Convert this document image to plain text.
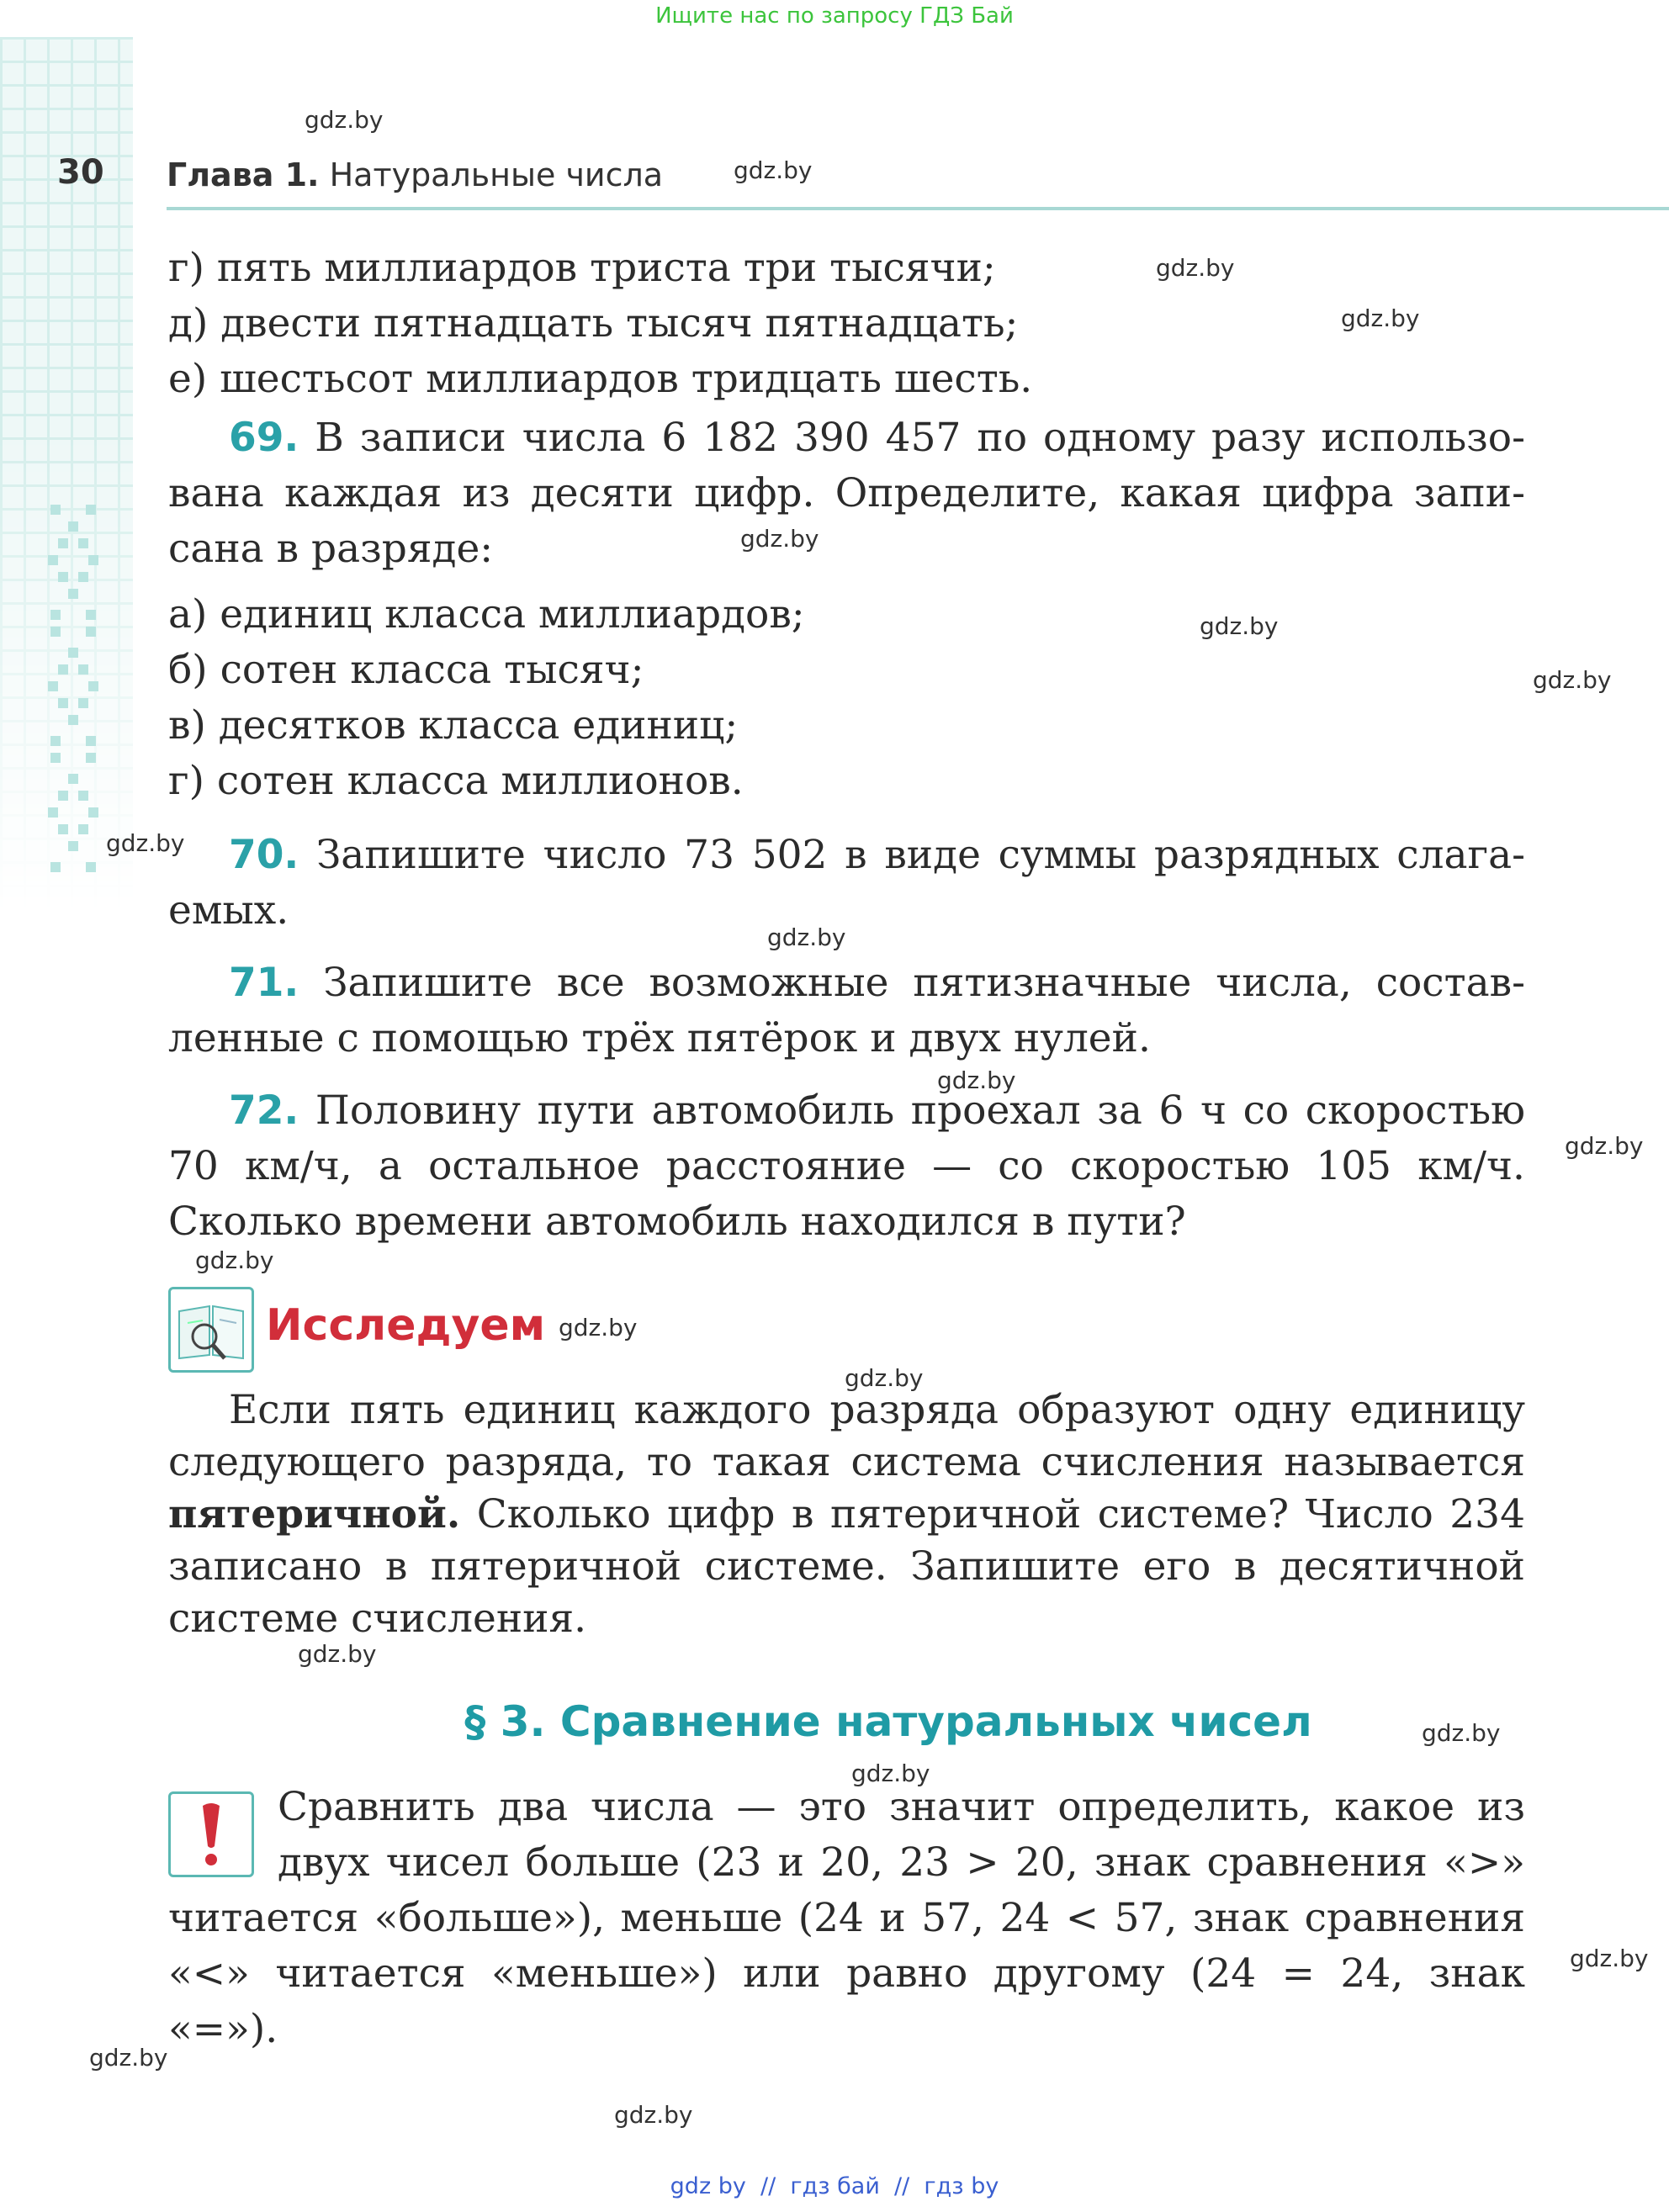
Ищите нас по запросу ГДЗ Бай
30 Глава 1. Натуральные числа
г) пять миллиардов триста три тысячи;
д) двести пятнадцать тысяч пятнадцать;
е) шестьсот миллиардов тридцать шесть.
69. В записи числа 6 182 390 457 по одному разу использо-
вана каждая из десяти цифр. Определите, какая цифра запи-
сана в разряде:
а) единиц класса миллиардов;
б) сотен класса тысяч;
в) десятков класса единиц;
г) сотен класса миллионов.
70. Запишите число 73 502 в виде суммы разрядных слага-
емых.
71. Запишите все возможные пятизначные числа, состав-
ленные с помощью трёх пятёрок и двух нулей.
72. Половину пути автомобиль проехал за 6 ч со скоростью
70 км/ч, а остальное расстояние — со скоростью 105 км/ч.
Сколько времени автомобиль находился в пути?
Исследуем
Если пять единиц каждого разряда образуют одну единицу
следующего разряда, то такая система счисления называется
пятеричной. Сколько цифр в пятеричной системе? Число 234
записано в пятеричной системе. Запишите его в десятичной
системе счисления.
§ 3. Сравнение натуральных чисел
Сравнить два числа — это значит определить, какое из
двух чисел больше (23 и 20, 23 > 20, знак сравнения «>»
читается «больше»), меньше (24 и 57, 24 < 57, знак сравнения
«<» читается «меньше») или равно другому (24 = 24, знак «=»).
gdz.by
gdz.by
gdz.by
gdz.by
gdz.by
gdz.by
gdz.by
gdz.by
gdz.by
gdz.by
gdz.by
gdz.by
gdz.by
gdz.by
gdz.by
gdz.by
gdz.by
gdz.by
gdz.by
gdz.by
gdz by  //  гдз бай  //  гдз by
